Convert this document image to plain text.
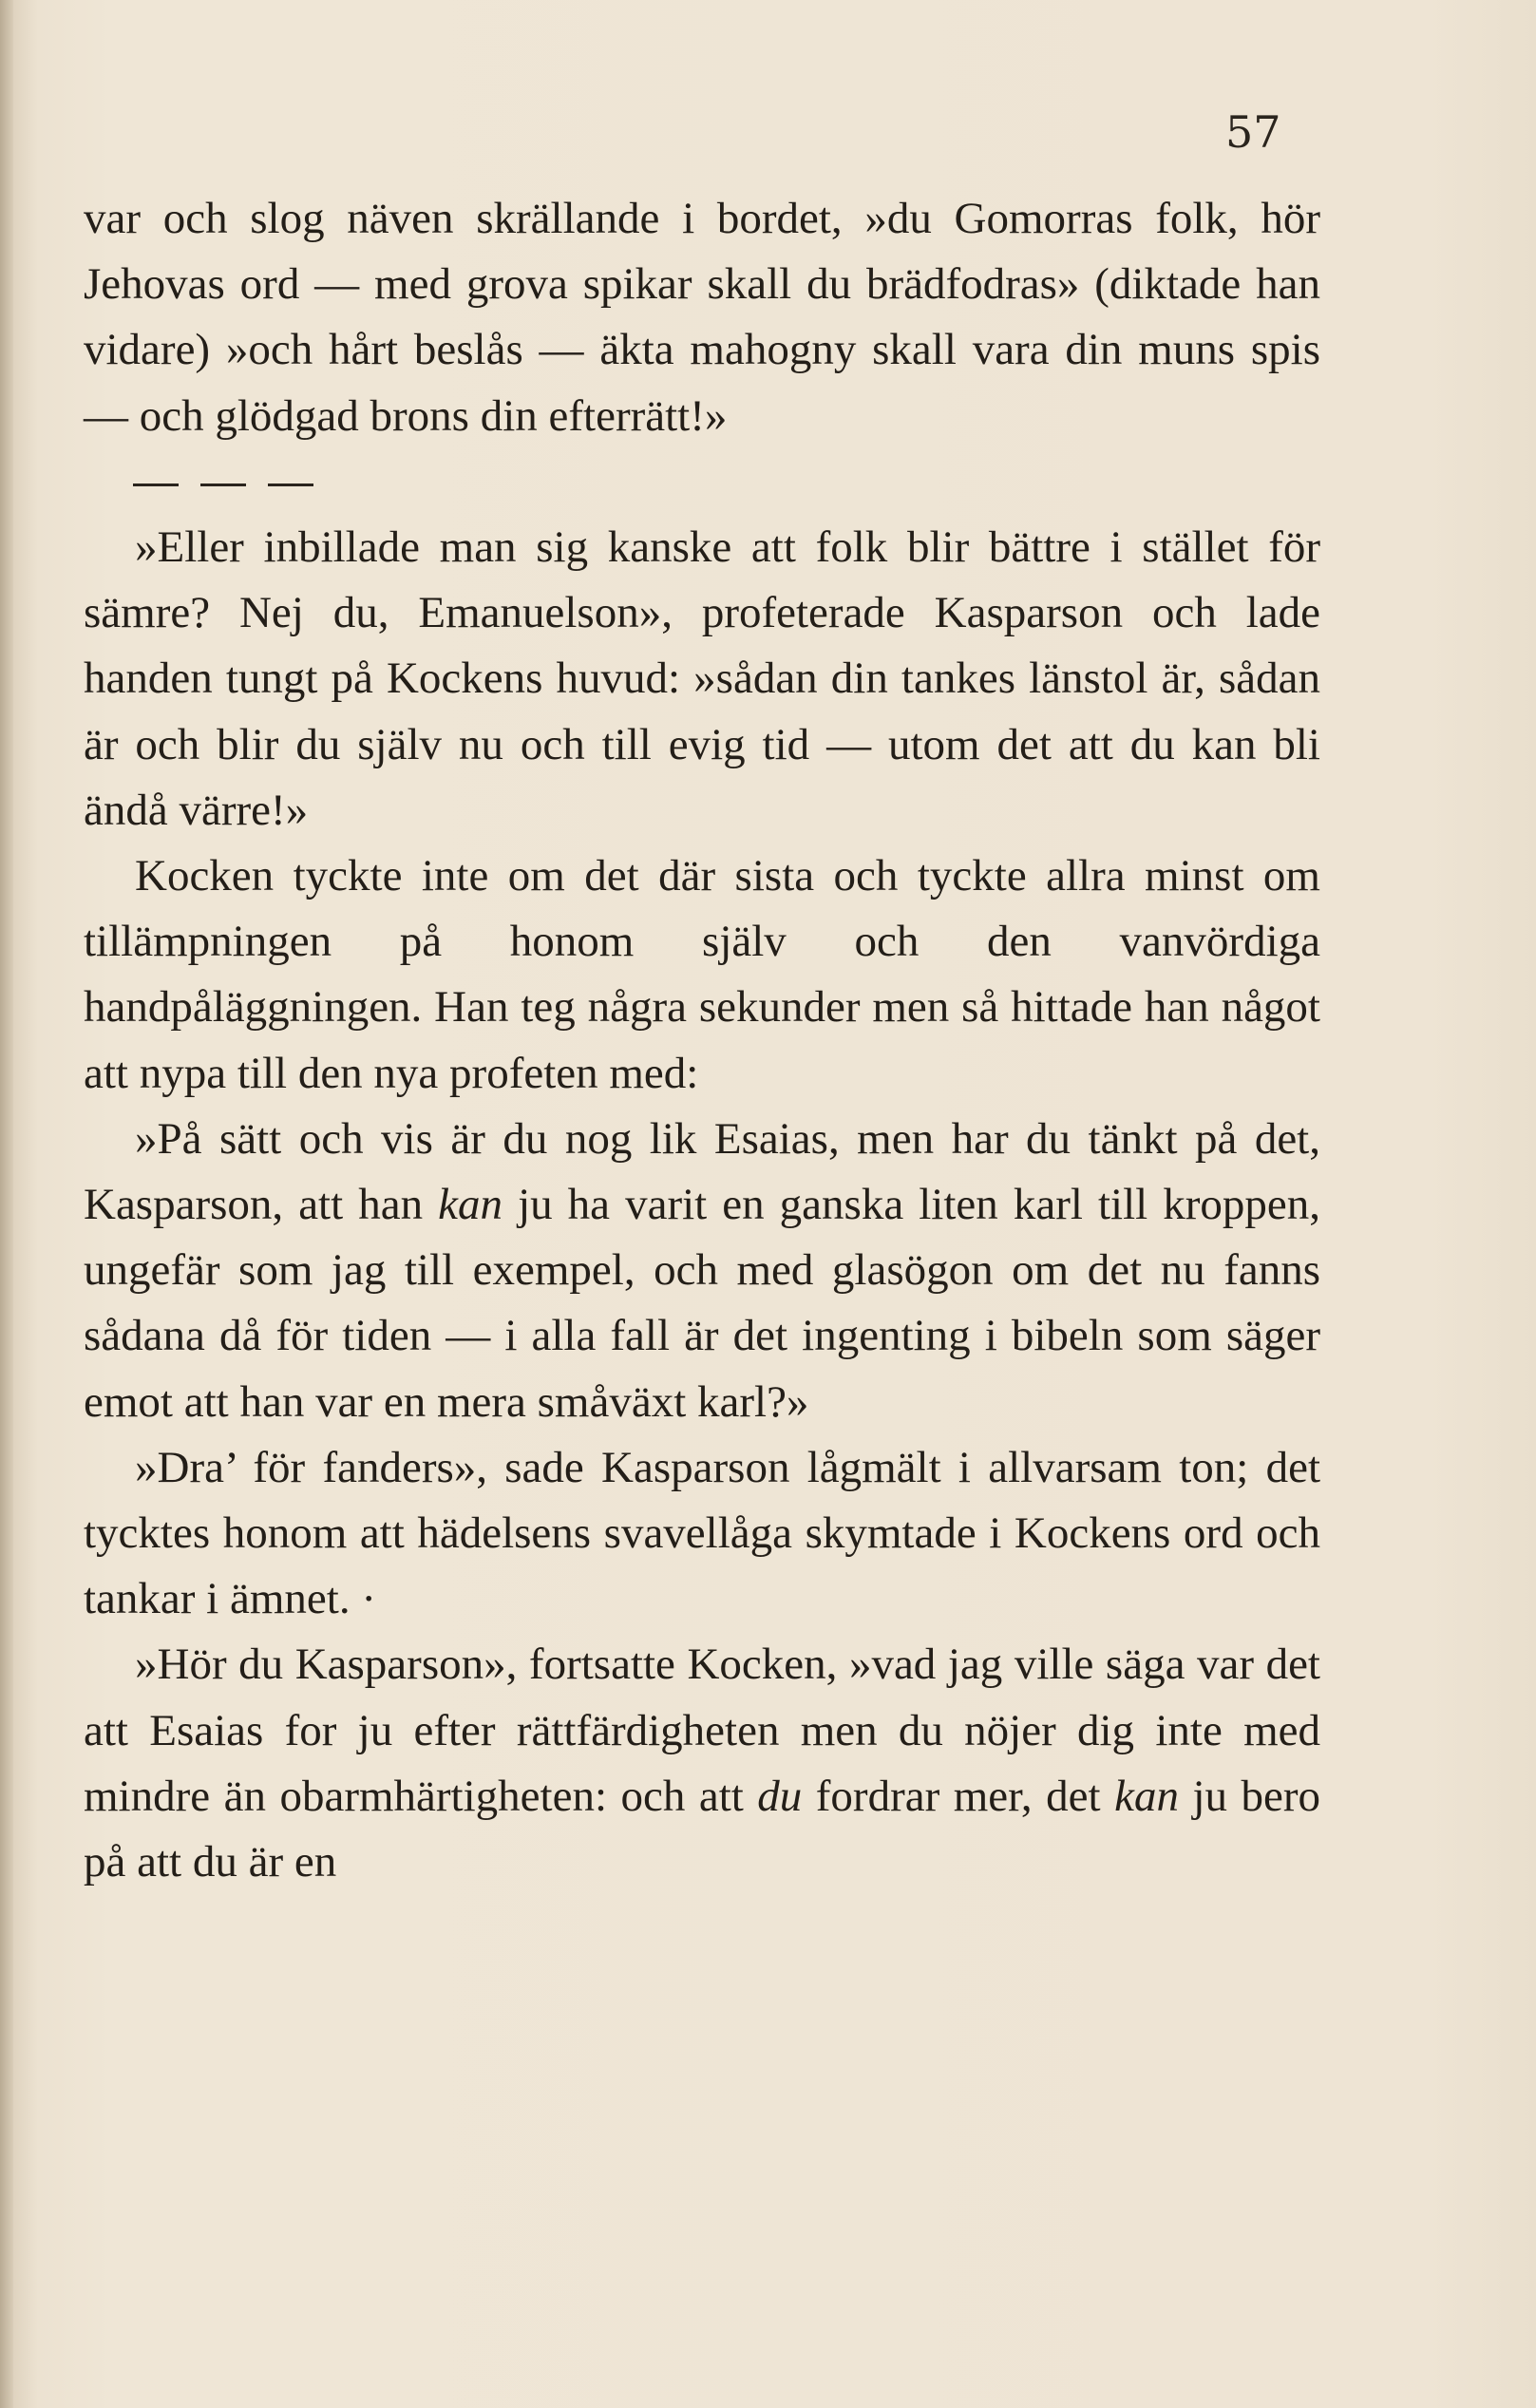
57

var och slog näven skrällande i bordet, »du Gomorras folk, hör Jehovas ord — med grova spikar skall du brädfodras» (diktade han vidare) »och hårt beslås — äkta mahogny skall vara din muns spis — och glödgad brons din efterrätt!»

»Eller inbillade man sig kanske att folk blir bättre i stället för sämre? Nej du, Emanuelson», profeterade Kasparson och lade handen tungt på Kockens huvud: »sådan din tankes länstol är, sådan är och blir du själv nu och till evig tid — utom det att du kan bli ändå värre!»

Kocken tyckte inte om det där sista och tyckte allra minst om tillämpningen på honom själv och den vanvördiga handpåläggningen. Han teg några sekunder men så hittade han något att nypa till den nya profeten med:

»På sätt och vis är du nog lik Esaias, men har du tänkt på det, Kasparson, att han kan ju ha varit en ganska liten karl till kroppen, ungefär som jag till exempel, och med glasögon om det nu fanns sådana då för tiden — i alla fall är det ingenting i bibeln som säger emot att han var en mera småväxt karl?»

»Dra’ för fanders», sade Kasparson lågmält i allvarsam ton; det tycktes honom att hädelsens svavellåga skymtade i Kockens ord och tankar i ämnet. ·

»Hör du Kasparson», fortsatte Kocken, »vad jag ville säga var det att Esaias for ju efter rättfärdigheten men du nöjer dig inte med mindre än obarmhärtigheten: och att du fordrar mer, det kan ju bero på att du är en
